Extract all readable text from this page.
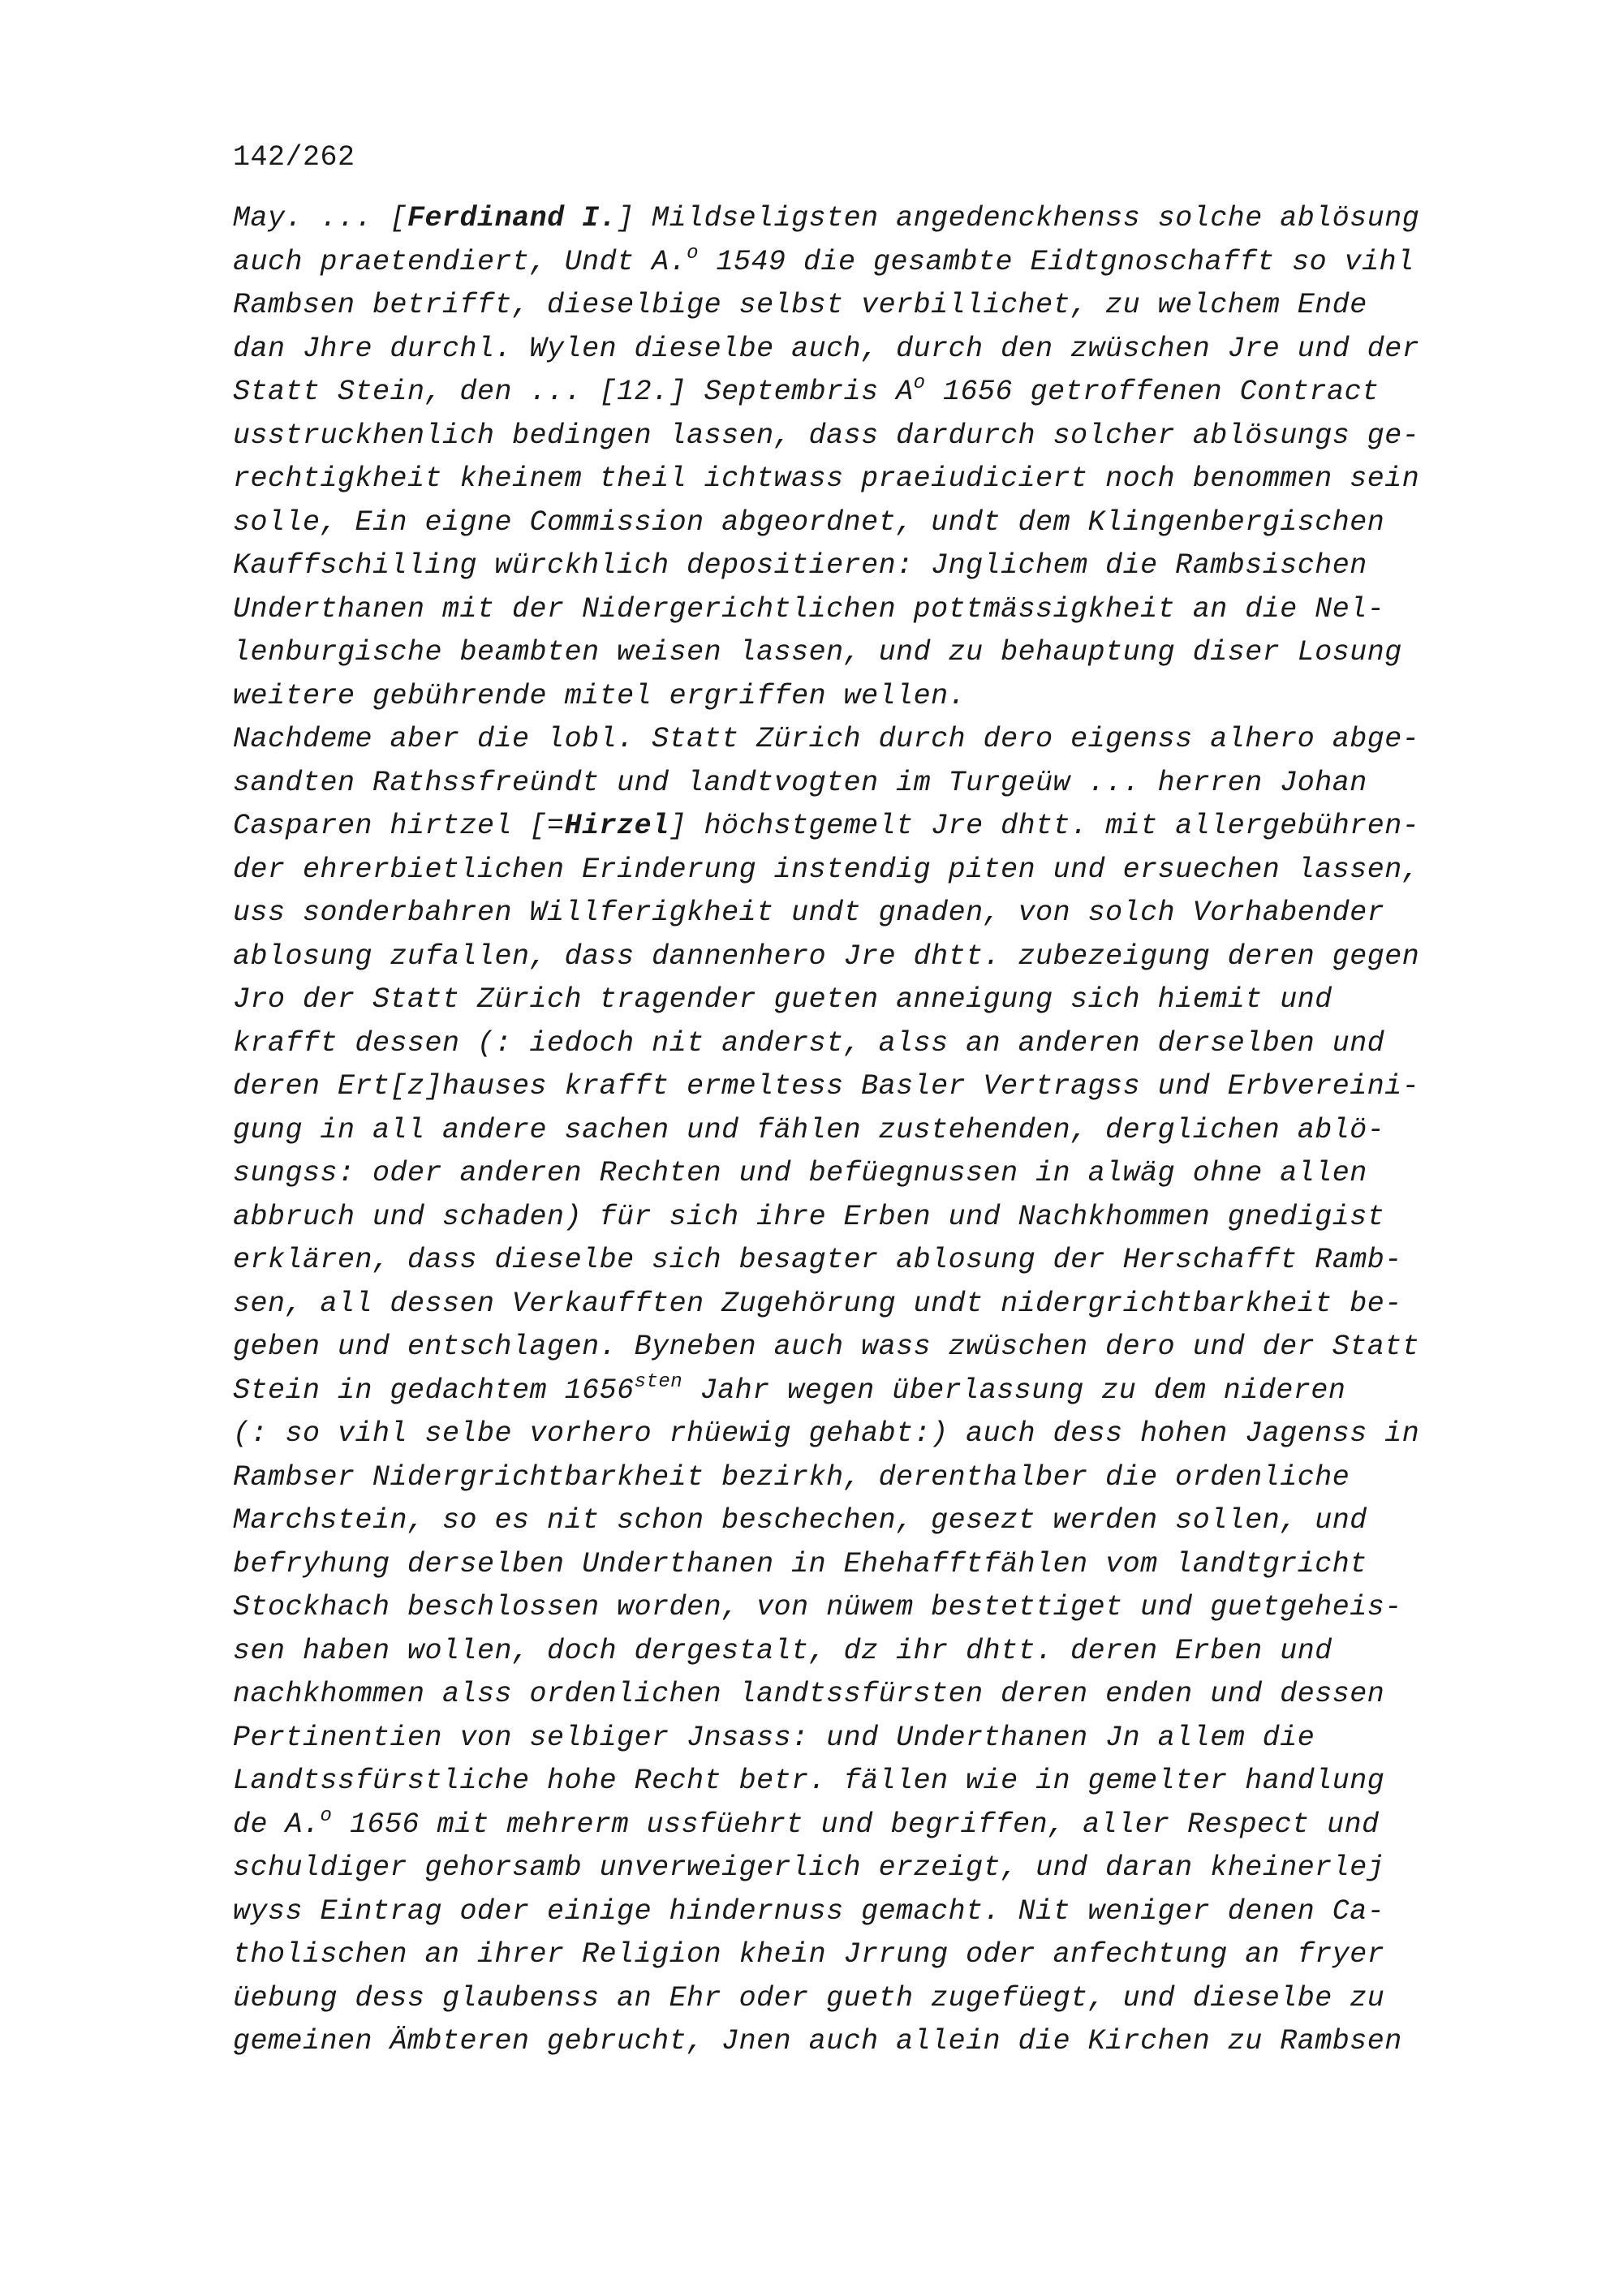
142/262
May. ... [Ferdinand I.] Mildseligsten angedenckhenss solche ablösung
auch praetendiert, Undt A.$^o$ 1549 die gesambte Eidtgnoschafft so vihl
Rambsen betrifft, dieselbige selbst verbillichet, zu welchem Ende
dan Jhre durchl. Wylen dieselbe auch, durch den zwüschen Jre und der
Statt Stein, den ... [12.] Septembris $A^o$ 1656 getroffenen Contract
usstruckhenlich bedingen lassen, dass dardurch solcher ablösungs ge-
rechtigkheit kheinem theil ichtwass praeiudiciert noch benommen sein
solle, Ein eigne Commission abgeordnet, undt dem Klingenbergischen
Kauffschilling würckhlich depositieren: Jnglichem die Rambsischen
Underthanen mit der Nidergerichtlichen pottmässigkheit an die Nel-
lenburgische beambten weisen lassen, und zu behauptung diser Losung
weitere gebührende mitel ergriffen wellen.
Nachdeme aber die lobl. Statt Zürich durch dero eigenss alhero abge-
sandten Rathssfreündt und landtvogten im Turgeüw ... herren Johan
Casparen hirtzel [=Hirzel] höchstgemelt Jre dhtt. mit allergebühren-
der ehrerbietlichen Erinderung instendig piten und ersuechen lassen,
uss sonderbahren Willferigkheit undt gnaden, von solch Vorhabender
ablosung zufallen, dass dannenhero Jre dhtt. zubezeigung deren gegen
Jro der Statt Zürich tragender gueten anneigung sich hiemit und
krafft dessen (: iedoch nit anderst, alss an anderen derselben und
deren Ert[z]hauses krafft ermeltess Basler Vertragss und Erbvereini-
gung in all andere sachen und fählen zustehenden, derglichen ablö-
sungss: oder anderen Rechten und befüegnussen in alwäg ohne allen
abbruch und schaden) für sich ihre Erben und Nachkhommen gnedigist
erklären, dass dieselbe sich besagter ablosung der Herschafft Ramb-
sen, all dessen Verkaufften Zugehörung undt nidergrichtbarkheit be-
geben und entschlagen. Byneben auch wass zwüschen dero und der Statt
Stein in gedachtem $1656^{sten}$ Jahr wegen überlassung zu dem nideren
(: so vihl selbe vorhero rhüewig gehabt:) auch dess hohen Jagenss in
Rambser Nidergrichtbarkheit bezirkh, derenthalber die ordenliche
Marchstein, so es nit schon beschechen, gesezt werden sollen, und
befryhung derselben Underthanen in Ehehafftfählen vom landtgricht
Stockhach beschlossen worden, von nüwem bestettiget und guetgeheis-
sen haben wollen, doch dergestalt, dz ihr dhtt. deren Erben und
nachkhommen alss ordenlichen landtssfürsten deren enden und dessen
Pertinentien von selbiger Jnsass: und Underthanen Jn allem die
Landtssfürstliche hohe Recht betr. fällen wie in gemelter handlung
de A.$^o$ 1656 mit mehrerm ussfüehrt und begriffen, aller Respect und
schuldiger gehorsamb unverweigerlich erzeigt, und daran kheinerlej
wyss Eintrag oder einige hindernuss gemacht. Nit weniger denen Ca-
tholischen an ihrer Religion khein Jrrung oder anfechtung an fryer
üebung dess glaubenss an Ehr oder gueth zugefüegt, und dieselbe zu
gemeinen Ämbteren gebrucht, Jnen auch allein die Kirchen zu Rambsen
